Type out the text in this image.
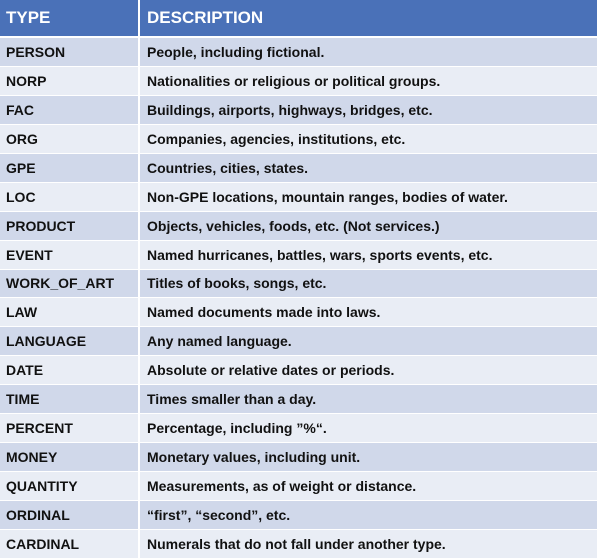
TYPE	DESCRIPTION
PERSON	People, including fictional.
NORP	Nationalities or religious or political groups.
FAC	Buildings, airports, highways, bridges, etc.
ORG	Companies, agencies, institutions, etc.
GPE	Countries, cities, states.
LOC	Non-GPE locations, mountain ranges, bodies of water.
PRODUCT	Objects, vehicles, foods, etc. (Not services.)
EVENT	Named hurricanes, battles, wars, sports events, etc.
WORK_OF_ART	Titles of books, songs, etc.
LAW	Named documents made into laws.
LANGUAGE	Any named language.
DATE	Absolute or relative dates or periods.
TIME	Times smaller than a day.
PERCENT	Percentage, including ”%“.
MONEY	Monetary values, including unit.
QUANTITY	Measurements, as of weight or distance.
ORDINAL	“first”, “second”, etc.
CARDINAL	Numerals that do not fall under another type.
